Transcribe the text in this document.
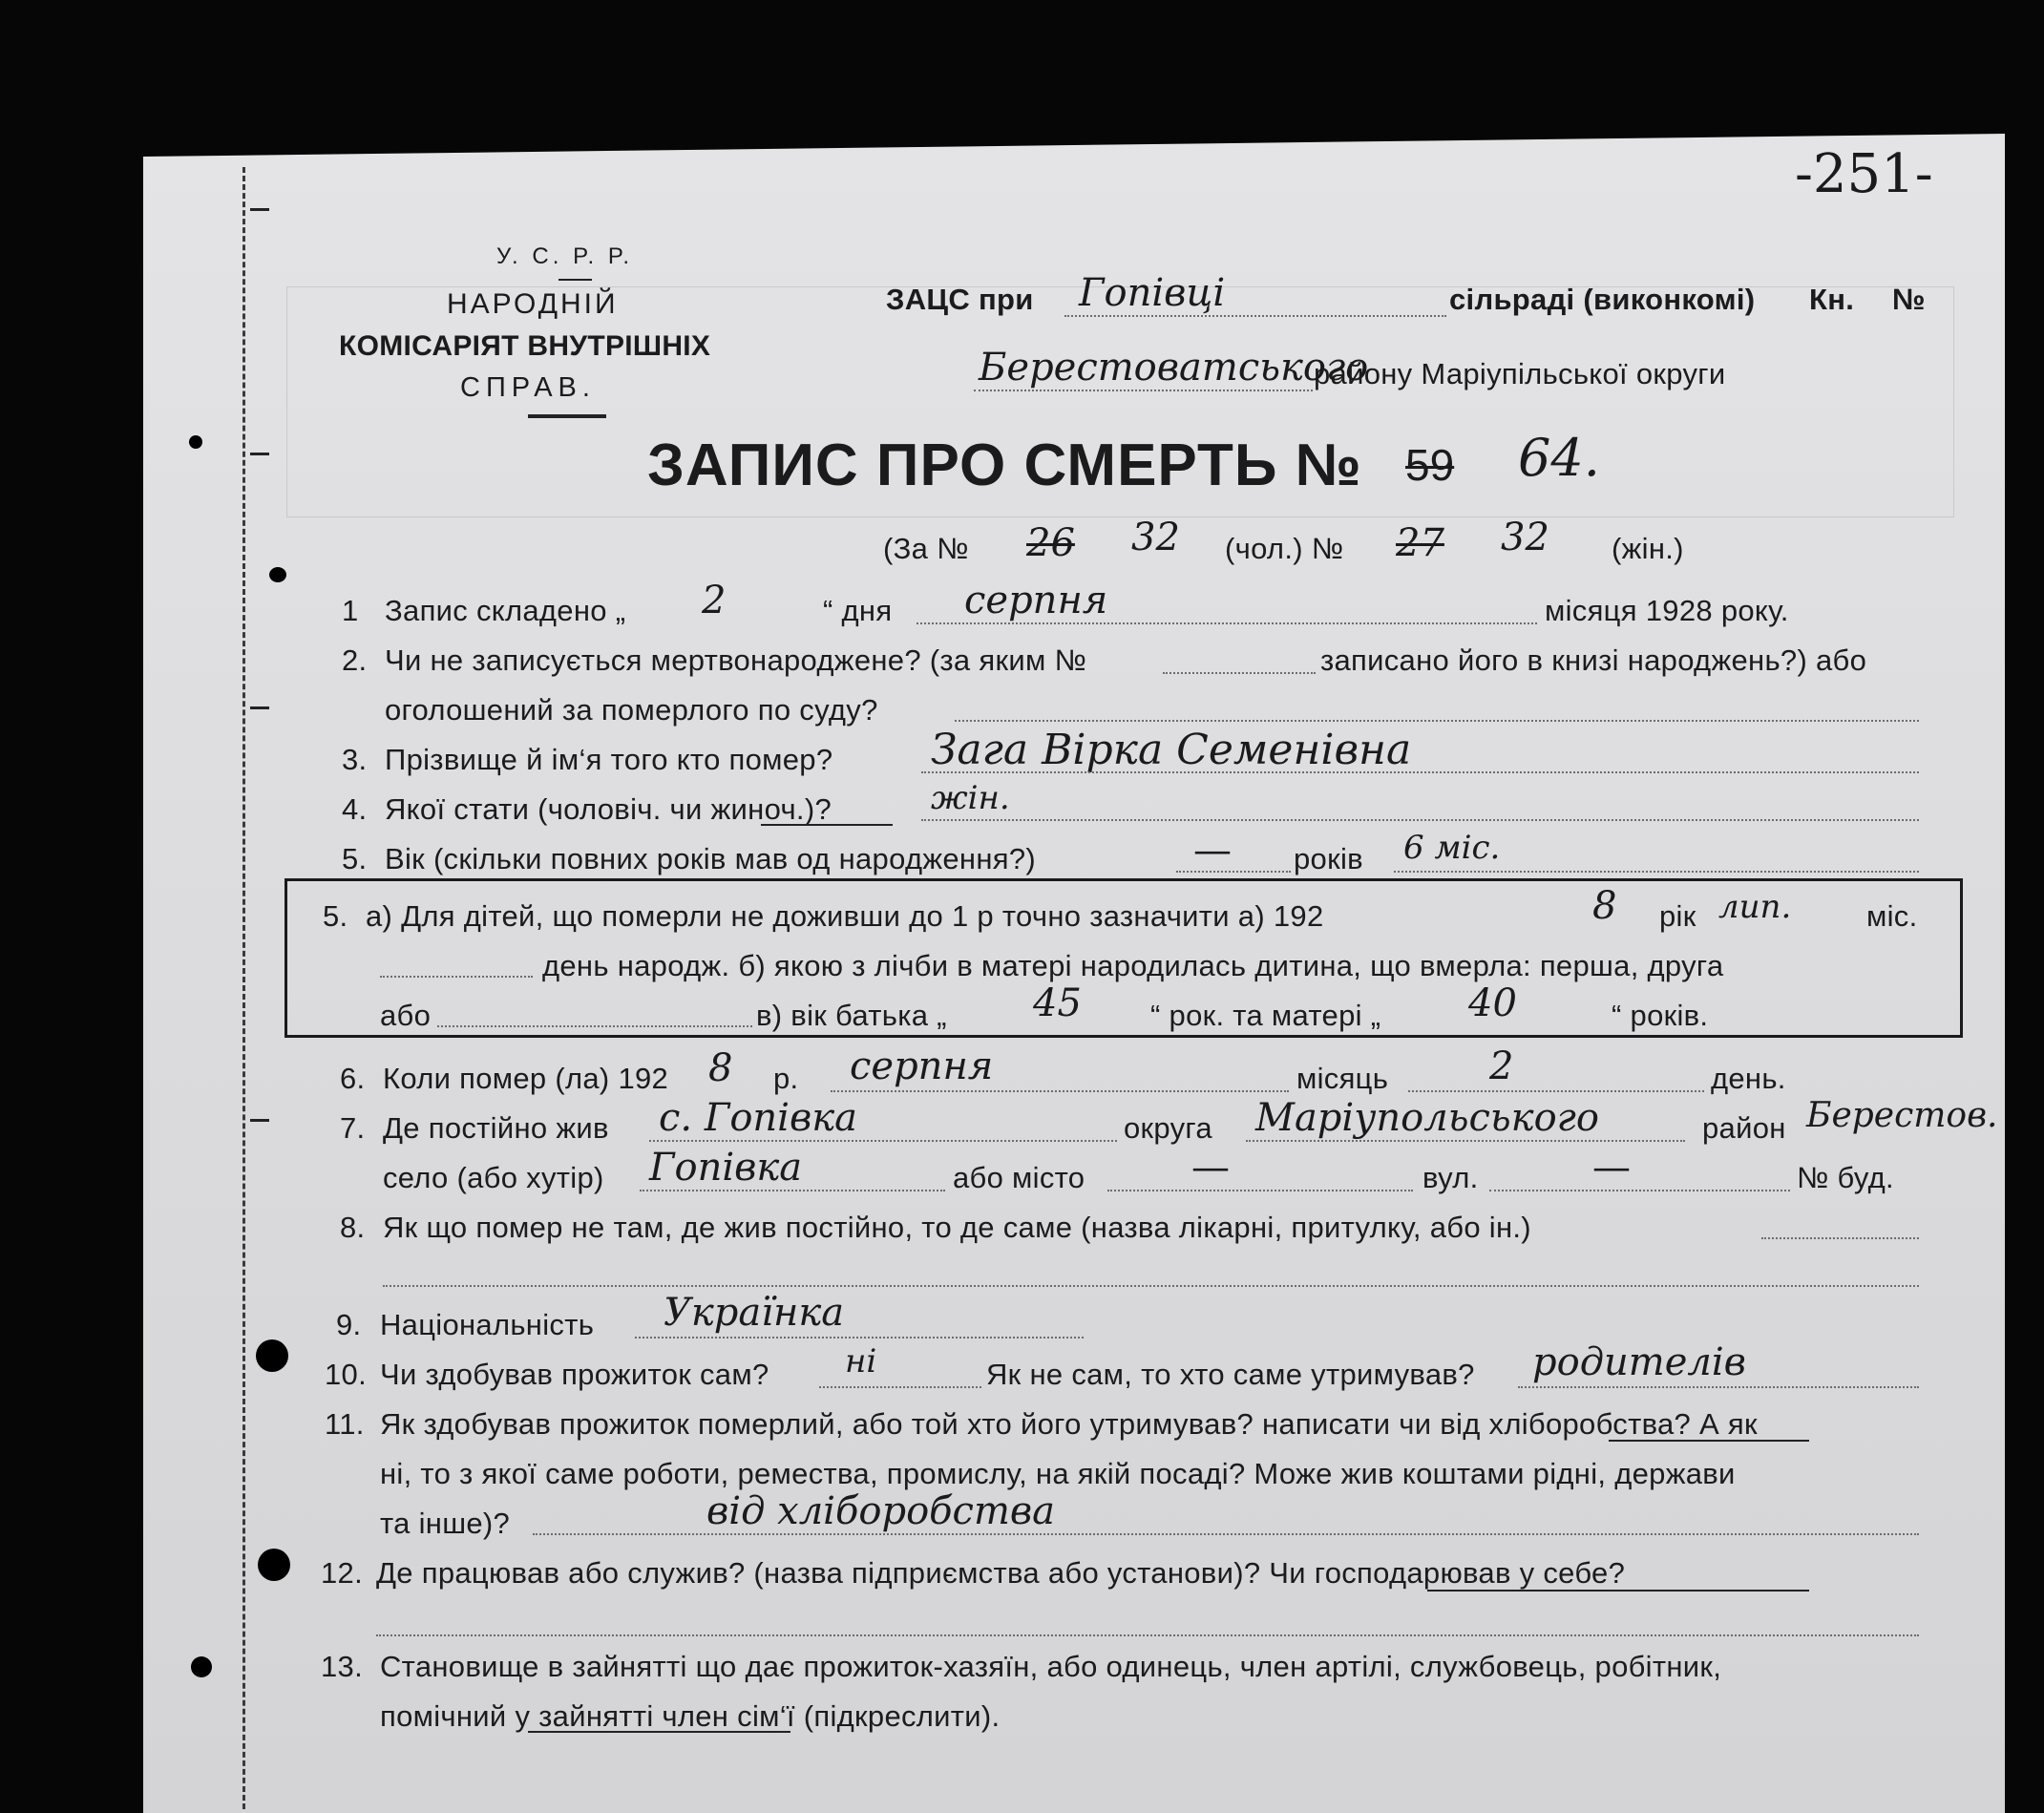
-251-
У. С. Р. Р.
НАРОДНІЙ
КОМІСАРІЯТ ВНУТРІШНІХ
СПРАВ.
ЗАЦС при Гопівці	сільраді (виконкомі) Кн. №
Берестоватського
району Маріупільської округи
ЗАПИС ПРО СМЕРТЬ № 59 64.
(За № 26 32 (чол.) № 27 32 (жін.)
1 Запис складено „ 2	“ дня серпня	місяця 1928 року.
2. Чи не записується мертвонароджене? (за яким №	записано його в книзі народжень?) або
оголошений за померлого по суду?
3. Прізвище й ім‘я того кто помер? Зага Вірка Семенівна
4. Якої стати (чоловіч. чи жиноч.)?	жін.
5. Вік (скільки повних років мав од народження?)	— років 6 міс.
5. а) Для дітей, що померли не доживши до 1 р точно зазначити а) 192	8 рік лип.	міс.
день народж. б) якою з лічби в матері народилась дитина, що вмерла: перша, друга
або	в) вік батька „ 45 “ рок. та матері „ 40	“ років.
6. Коли помер (ла) 192 8 р. серпня	місяць	2	день.
7. Де постійно жив с. Гопівка	округа Маріупольського	район Берестов.
село (або хутір) Гопівка	або місто	—	вул.	—	№ буд.
8. Як що помер не там, де жив постійно, то де саме (назва лікарні, притулку, або ін.)
9. Національність Українка
10. Чи здобував прожиток сам? ні	Як не сам, то хто саме утримував? родителів
11. Як здобував прожиток померлий, або той хто його утримував? написати чи від хліборобства? А як
ні, то з якої саме роботи, ремества, промислу, на якій посаді? Може жив коштами рідні, держави
та інше)?	від хліборобства
12. Де працював або служив? (назва підприємства або установи)? Чи господарював у себе?
13. Становище в зайнятті що дає прожиток-хазяїн, або одинець, член артілі, службовець, робітник,
помічний у зайнятті член сім‘ї (підкреслити).
